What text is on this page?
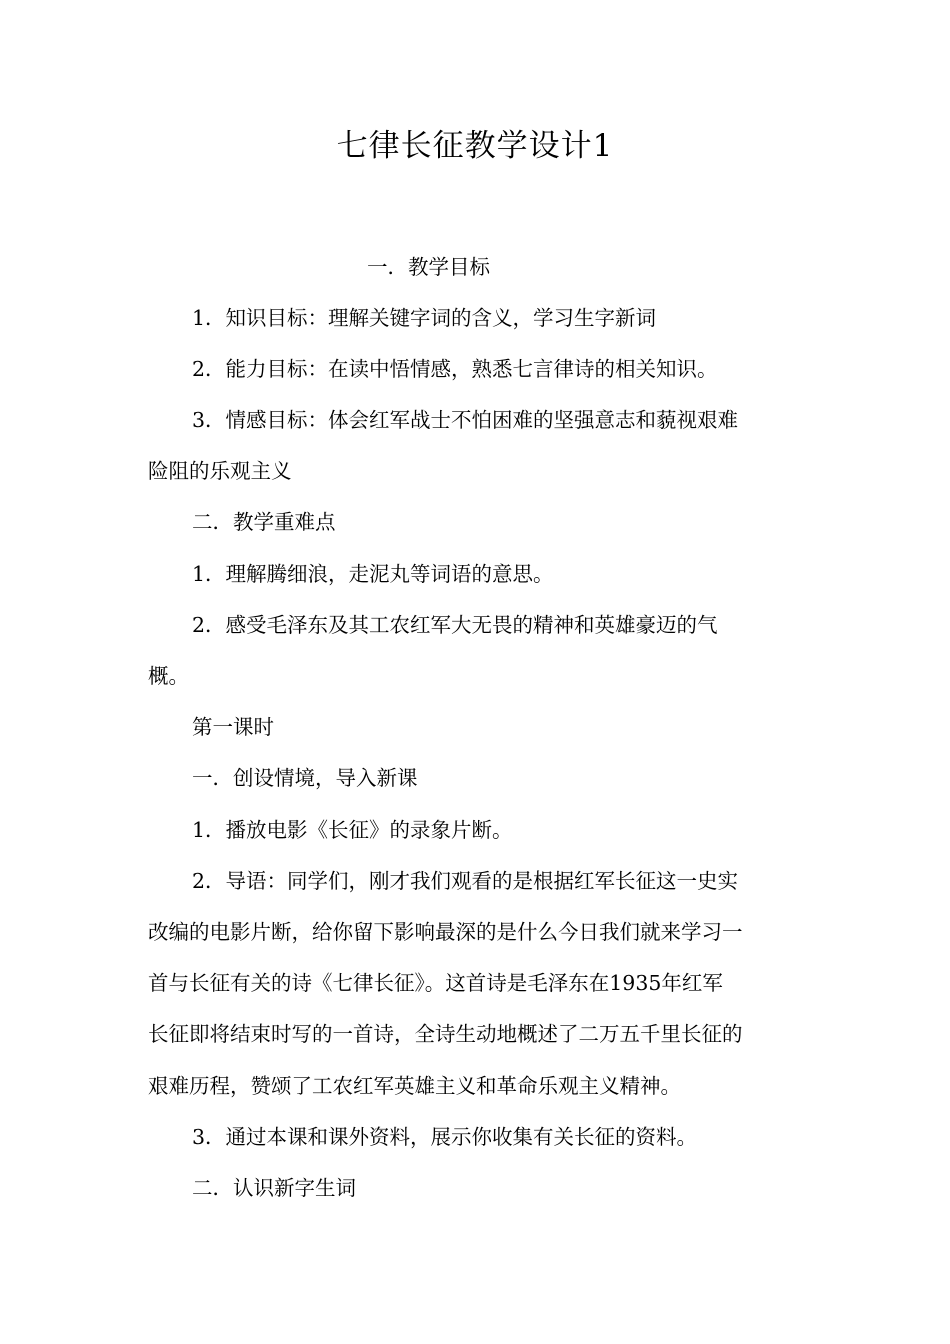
七律长征教学设计1
一．教学目标
1．知识目标：理解关键字词的含义，学习生字新词
2．能力目标：在读中悟情感，熟悉七言律诗的相关知识。
3．情感目标：体会红军战士不怕困难的坚强意志和藐视艰难
险阻的乐观主义
二．教学重难点
1．理解腾细浪，走泥丸等词语的意思。
2．感受毛泽东及其工农红军大无畏的精神和英雄豪迈的气
概。
第一课时
一．创设情境，导入新课
1．播放电影《长征》的录象片断。
2．导语：同学们，刚才我们观看的是根据红军长征这一史实
改编的电影片断，给你留下影响最深的是什么今日我们就来学习一
首与长征有关的诗《七律长征》。这首诗是毛泽东在1935年红军
长征即将结束时写的一首诗，全诗生动地概述了二万五千里长征的
艰难历程，赞颂了工农红军英雄主义和革命乐观主义精神。
3．通过本课和课外资料，展示你收集有关长征的资料。
二．认识新字生词
